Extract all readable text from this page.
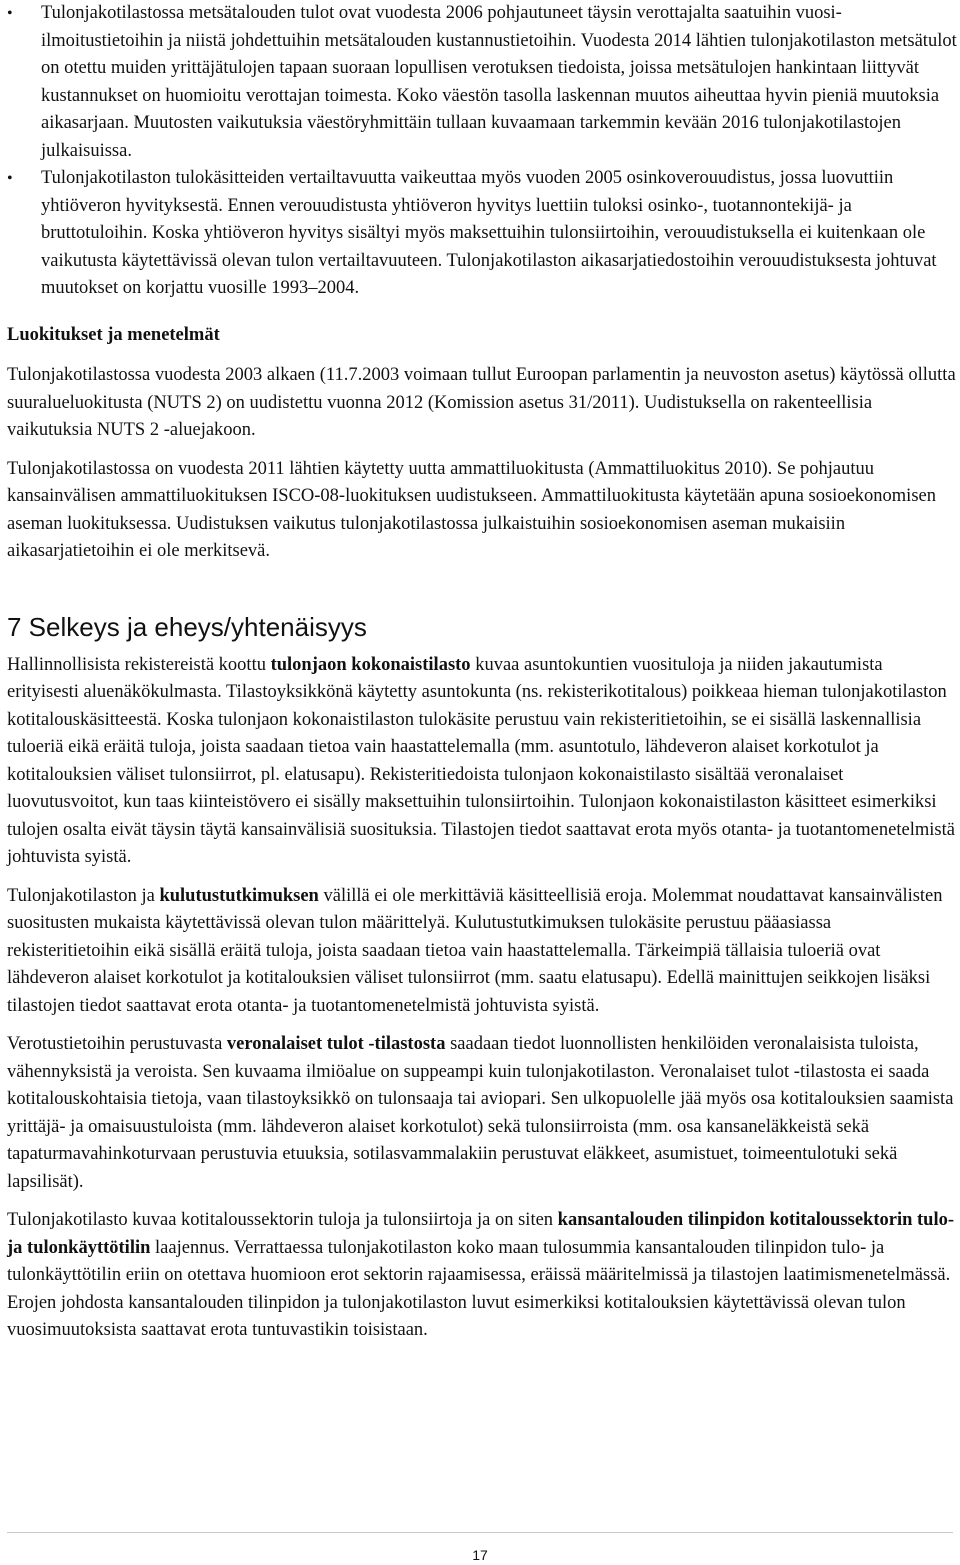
• Tulonjakotilastossa metsätalouden tulot ovat vuodesta 2006 pohjautuneet täysin verottajalta saatuihin vuosi-ilmoitustietoihin ja niistä johdettuihin metsätalouden kustannustietoihin. Vuodesta 2014 lähtien tulonjakotilaston metsätulot on otettu muiden yrittäjätulojen tapaan suoraan lopullisen verotuksen tiedoista, joissa metsätulojen hankintaan liittyvät kustannukset on huomioitu verottajan toimesta. Koko väestön tasolla laskennan muutos aiheuttaa hyvin pieniä muutoksia aikasarjaan. Muutosten vaikutuksia väestöryhmittäin tullaan kuvaamaan tarkemmin kevään 2016 tulonjakotilastojen julkaisuissa.
• Tulonjakotilaston tulokäsitteiden vertailtavuutta vaikeuttaa myös vuoden 2005 osinkoverouudistus, jossa luovuttiin yhtiöveron hyvityksestä. Ennen verouudistusta yhtiöveron hyvitys luettiin tuloksi osinko-, tuotannontekijä- ja bruttotuloihin. Koska yhtiöveron hyvitys sisältyi myös maksettuihin tulonsiirtoihin, verouudistuksella ei kuitenkaan ole vaikutusta käytettävissä olevan tulon vertailtavuuteen. Tulonjakotilaston aikasarjatiedostoihin verouudistuksesta johtuvat muutokset on korjattu vuosille 1993–2004.
Luokitukset ja menetelmät

Tulonjakotilastossa vuodesta 2003 alkaen (11.7.2003 voimaan tullut Euroopan parlamentin ja neuvoston asetus) käytössä ollutta suuralueluokitusta (NUTS 2) on uudistettu vuonna 2012 (Komission asetus 31/2011). Uudistuksella on rakenteellisia vaikutuksia NUTS 2 -aluejakoon.

Tulonjakotilastossa on vuodesta 2011 lähtien käytetty uutta ammattiluokitusta (Ammattiluokitus 2010). Se pohjautuu kansainvälisen ammattiluokituksen ISCO-08-luokituksen uudistukseen. Ammattiluokitusta käytetään apuna sosioekonomisen aseman luokituksessa. Uudistuksen vaikutus tulonjakotilastossa julkaistuihin sosioekonomisen aseman mukaisiin aikasarjatietoihin ei ole merkitsevä.

7 Selkeys ja eheys/yhtenäisyys

Hallinnollisista rekistereistä koottu tulonjaon kokonaistilasto kuvaa asuntokuntien vuosituloja ja niiden jakautumista erityisesti aluenäkökulmasta. Tilastoyksikkönä käytetty asuntokunta (ns. rekisterikotitalous) poikkeaa hieman tulonjakotilaston kotitalouskäsitteestä. Koska tulonjaon kokonaistilaston tulokäsite perustuu vain rekisteritietoihin, se ei sisällä laskennallisia tuloeriä eikä eräitä tuloja, joista saadaan tietoa vain haastattelemalla (mm. asuntotulo, lähdeveron alaiset korkotulot ja kotitalouksien väliset tulonsiirrot, pl. elatusapu). Rekisteritiedoista tulonjaon kokonaistilasto sisältää veronalaiset luovutusvoitot, kun taas kiinteistövero ei sisälly maksettuihin tulonsiirtoihin. Tulonjaon kokonaistilaston käsitteet esimerkiksi tulojen osalta eivät täysin täytä kansainvälisiä suosituksia. Tilastojen tiedot saattavat erota myös otanta- ja tuotantomenetelmistä johtuvista syistä.

Tulonjakotilaston ja kulutustutkimuksen välillä ei ole merkittäviä käsitteellisiä eroja. Molemmat noudattavat kansainvälisten suositusten mukaista käytettävissä olevan tulon määrittelyä. Kulutustutkimuksen tulokäsite perustuu pääasiassa rekisteritietoihin eikä sisällä eräitä tuloja, joista saadaan tietoa vain haastattelemalla. Tärkeimpiä tällaisia tuloeriä ovat lähdeveron alaiset korkotulot ja kotitalouksien väliset tulonsiirrot (mm. saatu elatusapu). Edellä mainittujen seikkojen lisäksi tilastojen tiedot saattavat erota otanta- ja tuotantomenetelmistä johtuvista syistä.

Verotustietoihin perustuvasta veronalaiset tulot -tilastosta saadaan tiedot luonnollisten henkilöiden veronalaisista tuloista, vähennyksistä ja veroista. Sen kuvaama ilmiöalue on suppeampi kuin tulonjakotilaston. Veronalaiset tulot -tilastosta ei saada kotitalouskohtaisia tietoja, vaan tilastoyksikkö on tulonsaaja tai aviopari. Sen ulkopuolelle jää myös osa kotitalouksien saamista yrittäjä- ja omaisuustuloista (mm. lähdeveron alaiset korkotulot) sekä tulonsiirroista (mm. osa kansaneläkkeistä sekä tapaturmavahinkoturvaan perustuvia etuuksia, sotilasvammalakiin perustuvat eläkkeet, asumistuet, toimeentulotuki sekä lapsilisät).

Tulonjakotilasto kuvaa kotitaloussektorin tuloja ja tulonsiirtoja ja on siten kansantalouden tilinpidon kotitaloussektorin tulo- ja tulonkäyttötilin laajennus. Verrattaessa tulonjakotilaston koko maan tulosummia kansantalouden tilinpidon tulo- ja tulonkäyttötilin eriin on otettava huomioon erot sektorin rajaamisessa, eräissä määritelmissä ja tilastojen laatimismenetelmässä. Erojen johdosta kansantalouden tilinpidon ja tulonjakotilaston luvut esimerkiksi kotitalouksien käytettävissä olevan tulon vuosimuutoksista saattavat erota tuntuvastikin toisistaan.

17
